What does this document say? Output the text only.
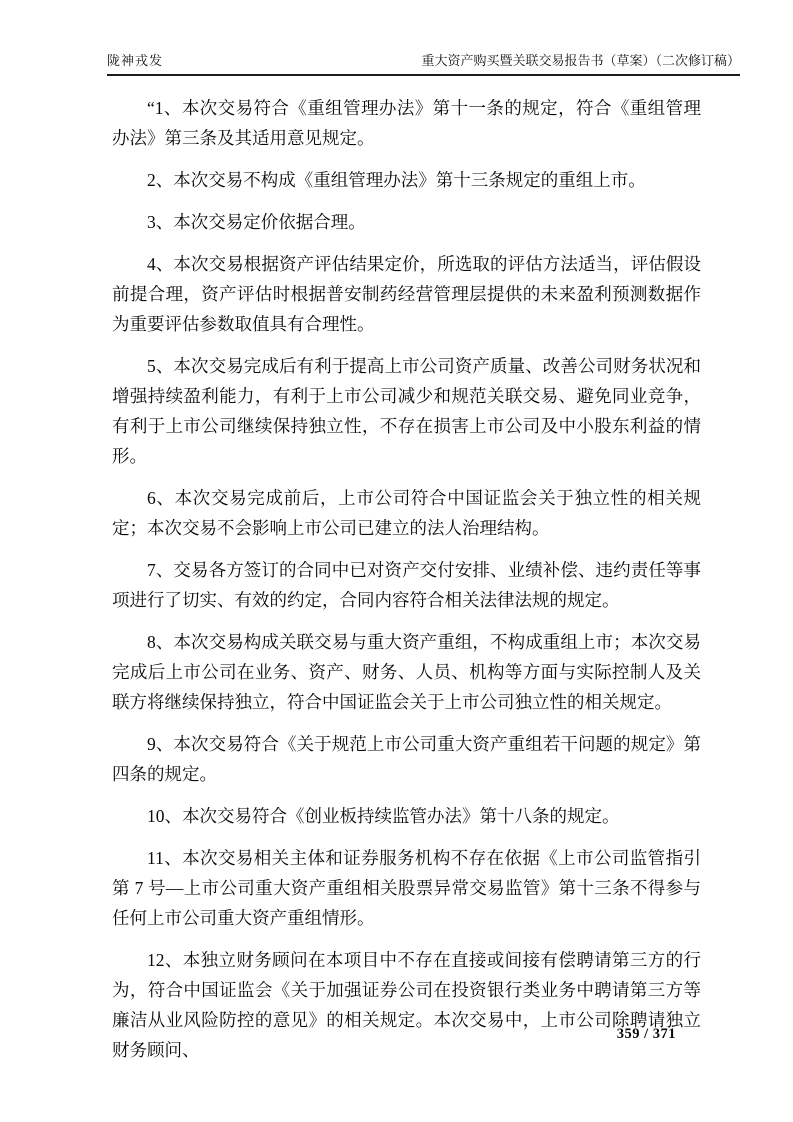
陇神戎发	重大资产购买暨关联交易报告书（草案）（二次修订稿）

“1、本次交易符合《重组管理办法》第十一条的规定，符合《重组管理办法》第三条及其适用意见规定。

2、本次交易不构成《重组管理办法》第十三条规定的重组上市。

3、本次交易定价依据合理。

4、本次交易根据资产评估结果定价，所选取的评估方法适当，评估假设前提合理，资产评估时根据普安制药经营管理层提供的未来盈利预测数据作为重要评估参数取值具有合理性。

5、本次交易完成后有利于提高上市公司资产质量、改善公司财务状况和增强持续盈利能力，有利于上市公司减少和规范关联交易、避免同业竞争，有利于上市公司继续保持独立性，不存在损害上市公司及中小股东利益的情形。

6、本次交易完成前后，上市公司符合中国证监会关于独立性的相关规定；本次交易不会影响上市公司已建立的法人治理结构。

7、交易各方签订的合同中已对资产交付安排、业绩补偿、违约责任等事项进行了切实、有效的约定，合同内容符合相关法律法规的规定。

8、本次交易构成关联交易与重大资产重组，不构成重组上市；本次交易完成后上市公司在业务、资产、财务、人员、机构等方面与实际控制人及关联方将继续保持独立，符合中国证监会关于上市公司独立性的相关规定。

9、本次交易符合《关于规范上市公司重大资产重组若干问题的规定》第四条的规定。

10、本次交易符合《创业板持续监管办法》第十八条的规定。

11、本次交易相关主体和证券服务机构不存在依据《上市公司监管指引第 7 号—上市公司重大资产重组相关股票异常交易监管》第十三条不得参与任何上市公司重大资产重组情形。

12、本独立财务顾问在本项目中不存在直接或间接有偿聘请第三方的行为，符合中国证监会《关于加强证券公司在投资银行类业务中聘请第三方等廉洁从业风险防控的意见》的相关规定。本次交易中，上市公司除聘请独立财务顾问、

359 / 371
